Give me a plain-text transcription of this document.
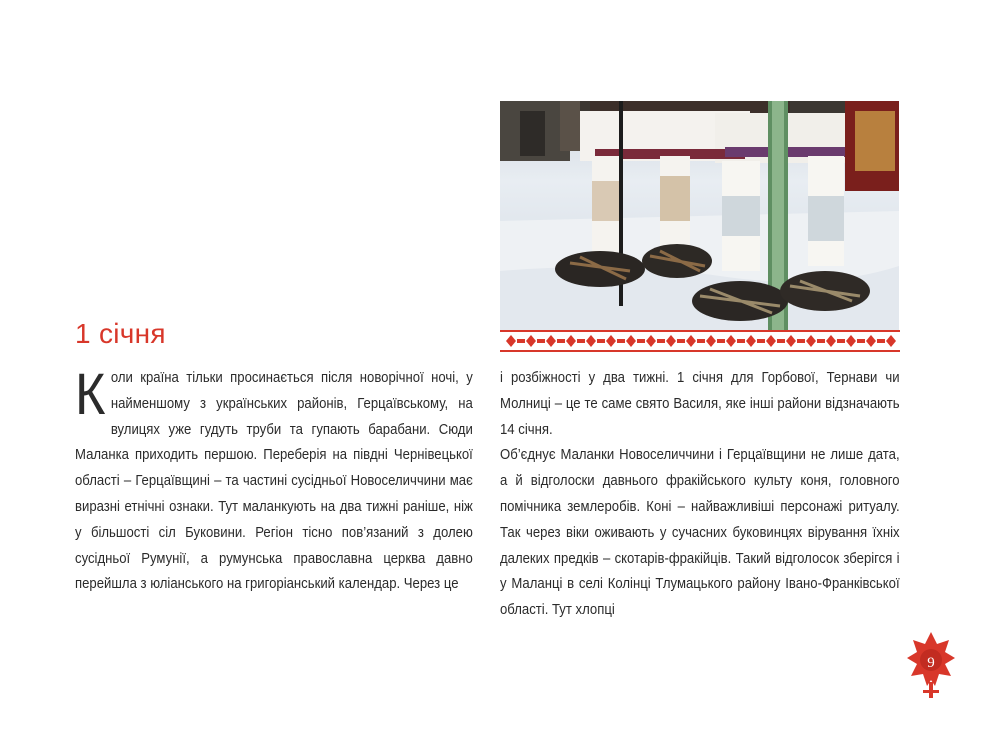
1 січня
К оли країна тільки просинається після новорічної ночі, у найменшому з українських районів, Герцаївському, на вулицях уже гудуть труби та гупають барабани. Сюди Маланка приходить першою. Переберія на півдні Чернівецької області – Герцаївщині – та частині сусідньої Новоселиччини має виразні етнічні ознаки. Тут маланкують на два тижні раніше, ніж у більшості сіл Буковини. Регіон тісно пов’язаний з долею сусідньої Румунії, а румунська православна церква давно перейшла з юліанського на григоріанський календар. Через це

і розбіжності у два тижні. 1 січня для Горбової, Тернави чи Молниці – це те саме свято Василя, яке інші райони відзначають 14 січня.

Об’єднує Маланки Новоселиччини і Герцаївщини не лише дата, а й відголоски давнього фракійського культу коня, головного помічника землеробів. Коні – найважливіші персонажі ритуалу. Так через віки оживають у сучасних буковинцях вірування їхніх далеких предків – скотарів-фракійців. Такий відголосок зберігся і у Маланці в селі Колінці Тлумацького району Івано-Франківської області. Тут хлопці

9
